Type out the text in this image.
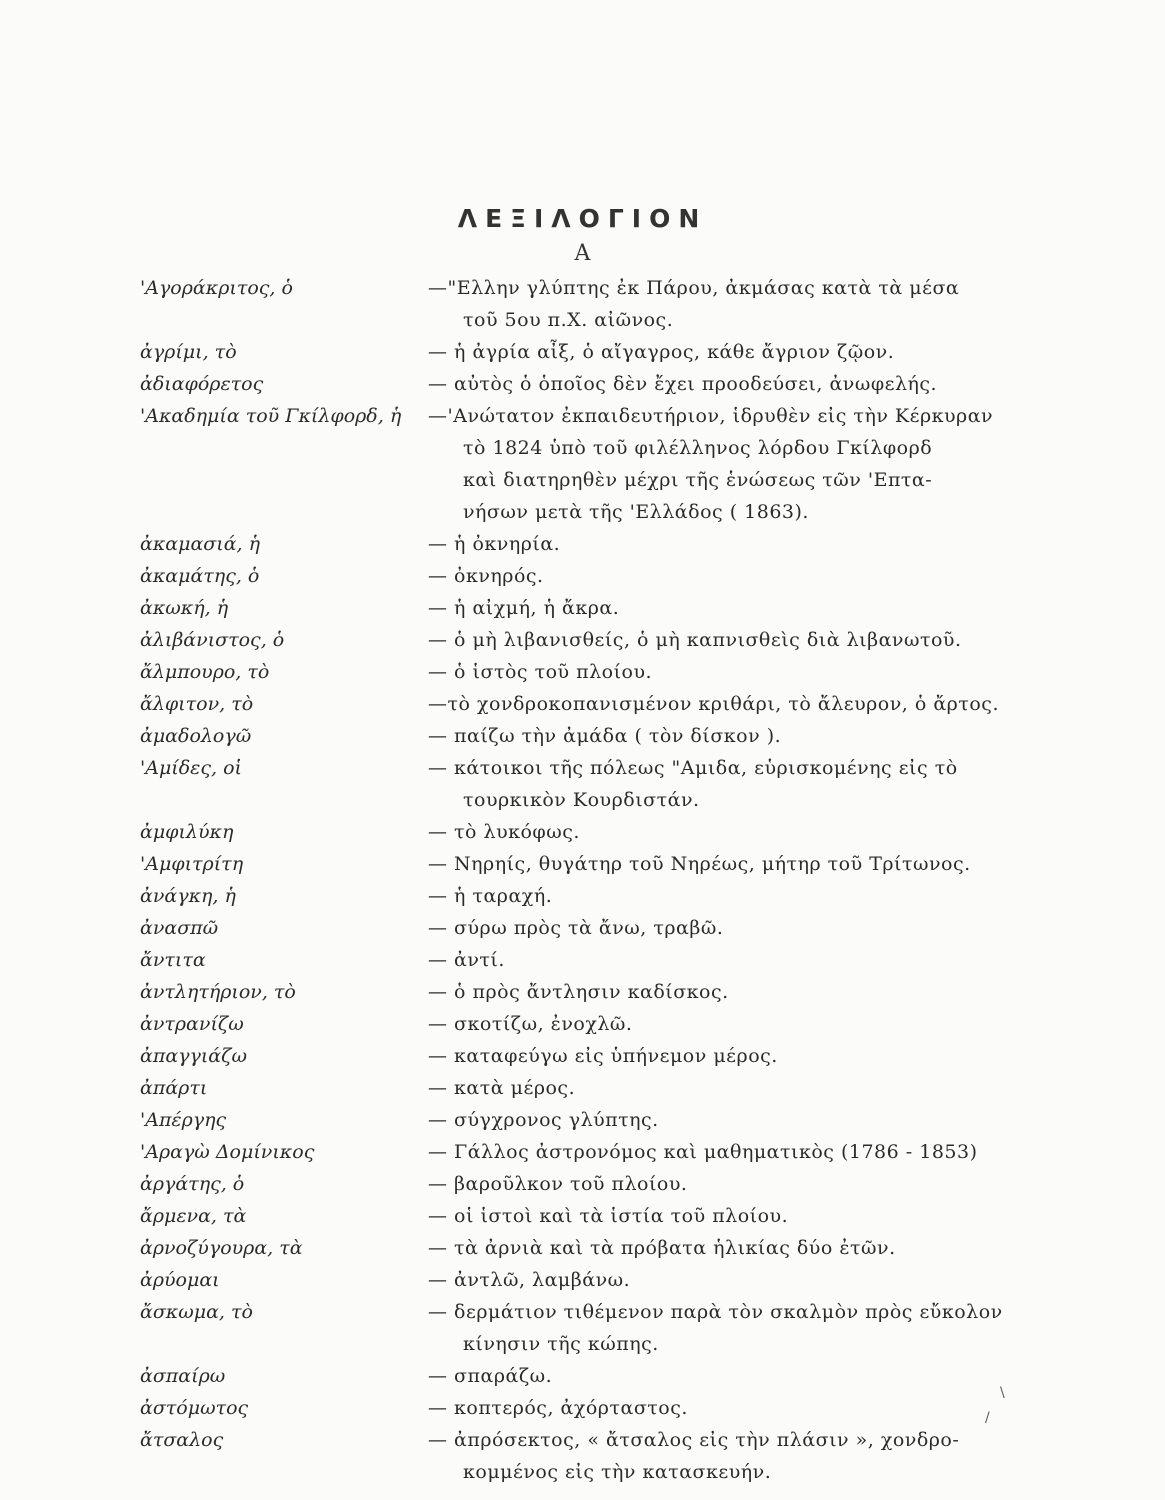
ΛΕΞΙΛΟΓΙΟΝ
Α
'Αγοράκριτος, ὁ	—"Ελλην γλύπτης ἐκ Πάρου, ἀκμάσας κατὰ τὰ μέσα
τοῦ 5ου π.Χ. αἰῶνος.
ἀγρίμι, τὸ	— ἡ ἀγρία αἶξ, ὁ αἴγαγρος, κάθε ἄγριον ζῷον.
ἀδιαφόρετος	— αὐτὸς ὁ ὁποῖος δὲν ἔχει προοδεύσει, ἀνωφελής.
'Ακαδημία τοῦ Γκίλφορδ, ἡ —'Ανώτατον ἐκπαιδευτήριον, ἱδρυθὲν εἰς τὴν Κέρκυραν
τὸ 1824 ὑπὸ τοῦ φιλέλληνος λόρδου Γκίλφορδ
καὶ διατηρηθὲν μέχρι τῆς ἑνώσεως τῶν 'Επτα-
νήσων μετὰ τῆς 'Ελλάδος ( 1863).
ἀκαμασιά, ἡ	— ἡ ὀκνηρία.
ἀκαμάτης, ὁ	— ὀκνηρός.
ἀκωκή, ἡ	— ἡ αἰχμή, ἡ ἄκρα.
ἀλιβάνιστος, ὁ	— ὁ μὴ λιβανισθείς, ὁ μὴ καπνισθεὶς διὰ λιβανωτοῦ.
ἄλμπουρο, τὸ	— ὁ ἱστὸς τοῦ πλοίου.
ἄλφιτον, τὸ	—τὸ χονδροκοπανισμένον κριθάρι, τὸ ἄλευρον, ὁ ἄρτος.
ἀμαδολογῶ	— παίζω τὴν ἀμάδα ( τὸν δίσκον ).
'Αμίδες, οἱ	— κάτοικοι τῆς πόλεως "Αμιδα, εὑρισκομένης εἰς τὸ
τουρκικὸν Κουρδιστάν.
ἀμφιλύκη	— τὸ λυκόφως.
'Αμφιτρίτη	— Νηρηίς, θυγάτηρ τοῦ Νηρέως, μήτηρ τοῦ Τρίτωνος.
ἀνάγκη, ἡ	— ἡ ταραχή.
ἀνασπῶ	— σύρω πρὸς τὰ ἄνω, τραβῶ.
ἄντιτα	— ἀντί.
ἀντλητήριον, τὸ	— ὁ πρὸς ἄντλησιν καδίσκος.
ἀντρανίζω	— σκοτίζω, ἐνοχλῶ.
ἀπαγγιάζω	— καταφεύγω εἰς ὑπήνεμον μέρος.
ἀπάρτι	— κατὰ μέρος.
'Απέργης	— σύγχρονος γλύπτης.
'Αραγὼ Δομίνικος	— Γάλλος ἀστρονόμος καὶ μαθηματικὸς (1786 - 1853)
ἀργάτης, ὁ	— βαροῦλκον τοῦ πλοίου.
ἄρμενα, τὰ	— οἱ ἱστοὶ καὶ τὰ ἱστία τοῦ πλοίου.
ἀρνοζύγουρα, τὰ	— τὰ ἀρνιὰ καὶ τὰ πρόβατα ἡλικίας δύο ἐτῶν.
ἀρύομαι	— ἀντλῶ, λαμβάνω.
ἄσκωμα, τὸ	— δερμάτιον τιθέμενον παρὰ τὸν σκαλμὸν πρὸς εὔκολον
κίνησιν τῆς κώπης.
ἀσπαίρω	— σπαράζω.
ἀστόμωτος	— κοπτερός, ἀχόρταστος.
ἄτσαλος	— ἀπρόσεκτος, « ἄτσαλος εἰς τὴν πλάσιν », χονδρο-
κομμένος εἰς τὴν κατασκευήν.
\
/
